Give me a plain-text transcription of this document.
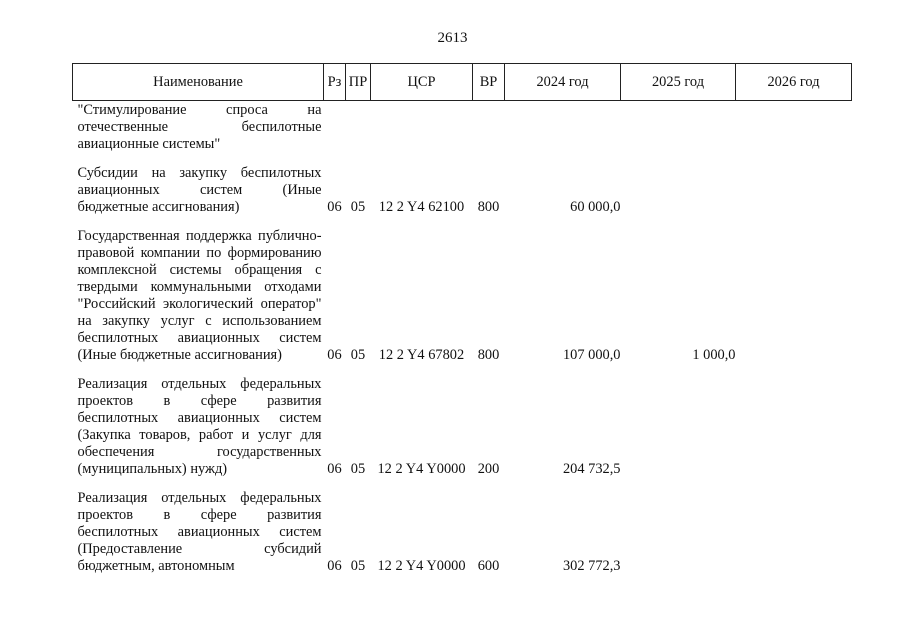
2613
Наименование	Рз	ПР	ЦСР	ВР	2024 год	2025 год	2026 год

"Стимулирование спроса на отечественные беспилотные авиационные системы"							

Субсидии на закупку беспилотных авиационных систем (Иные бюджетные ассигнования)	06	05	12 2 Y4 62100	800	60 000,0		

Государственная поддержка публично-правовой компании по формированию комплексной системы обращения с твердыми коммунальными отходами "Российский экологический оператор" на закупку услуг с использованием беспилотных авиационных систем (Иные бюджетные ассигнования)	06	05	12 2 Y4 67802	800	107 000,0	1 000,0	

Реализация отдельных федеральных проектов в сфере развития беспилотных авиационных систем (Закупка товаров, работ и услуг для обеспечения государственных (муниципальных) нужд)	06	05	12 2 Y4 Y0000	200	204 732,5		

Реализация отдельных федеральных проектов в сфере развития беспилотных авиационных систем (Предоставление субсидий бюджетным, автономным	06	05	12 2 Y4 Y0000	600	302 772,3		
